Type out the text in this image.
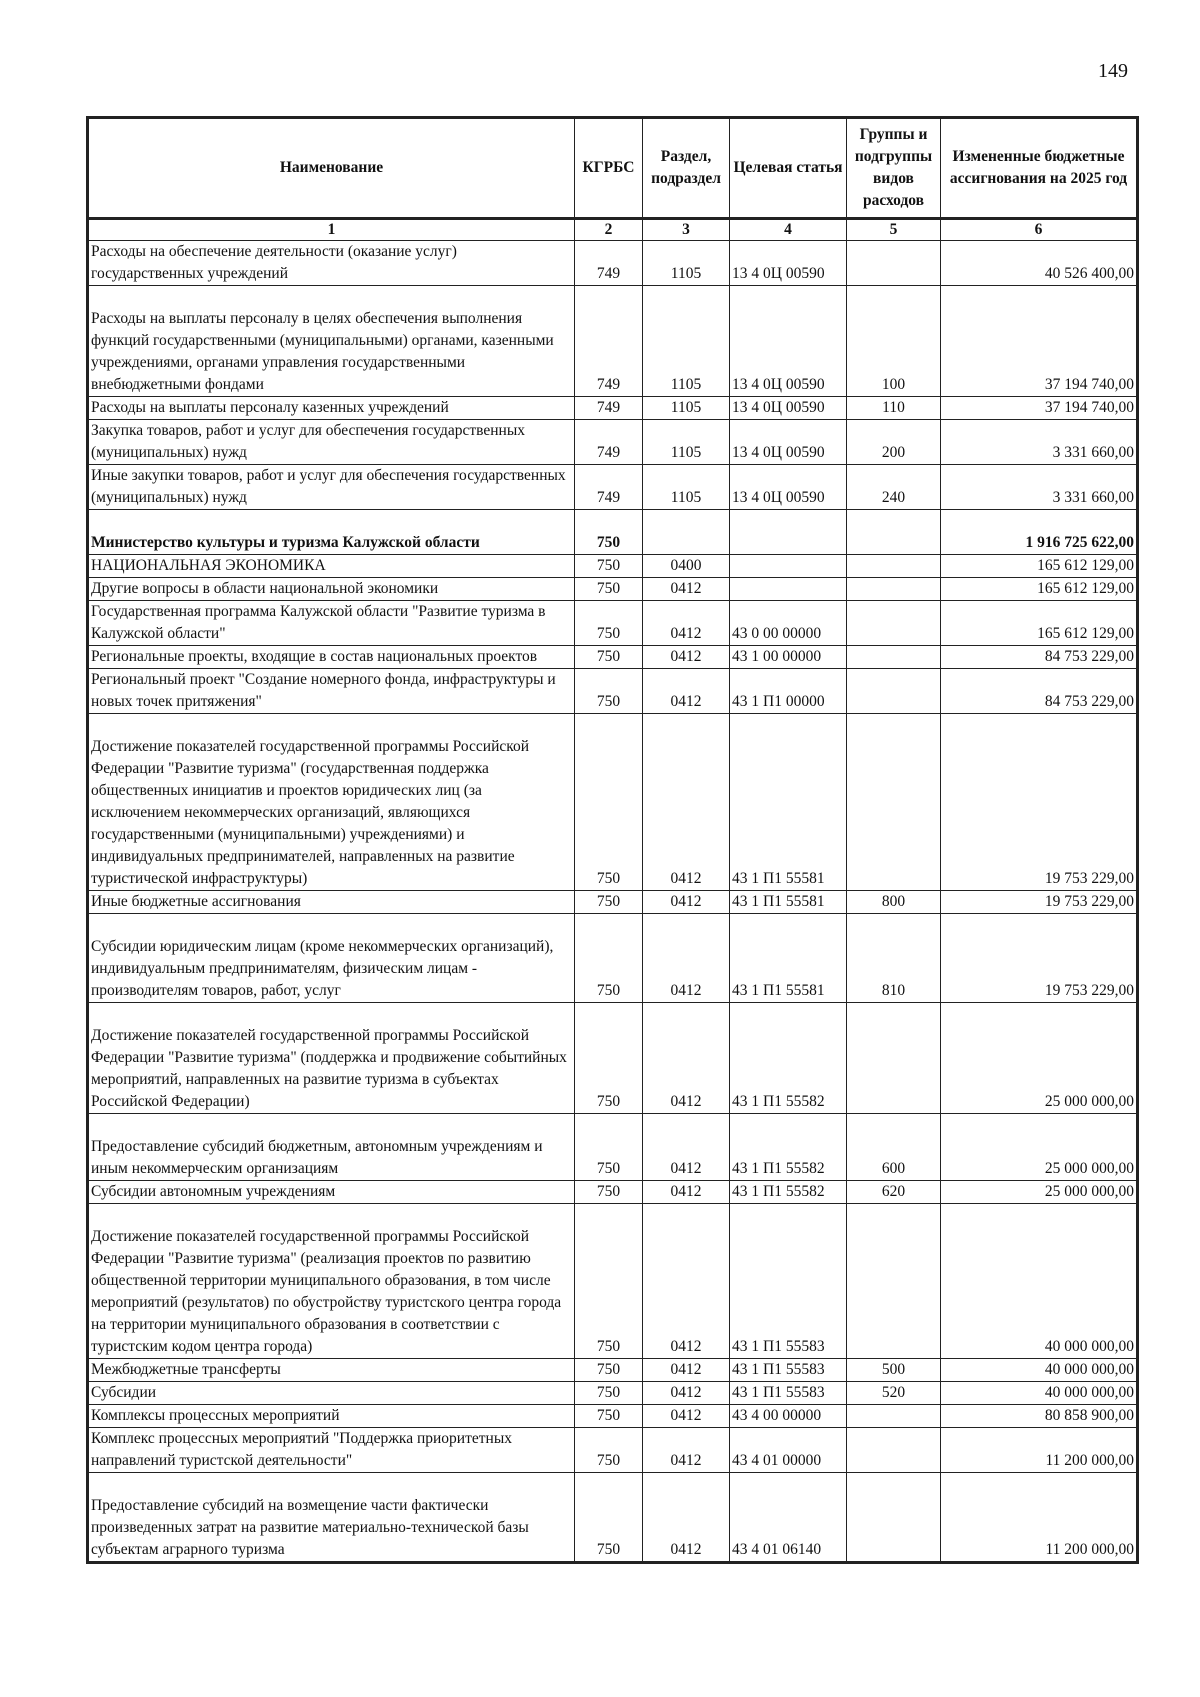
149
Наименование	КГРБС	Раздел, подраздел	Целевая статья	Группы и подгруппы видов расходов	Измененные бюджетные ассигнования на 2025 год
1	2	3	4	5	6
Расходы на обеспечение деятельности (оказание услуг) государственных учреждений	749	1105	13 4 0Ц 00590		40 526 400,00
Расходы на выплаты персоналу в целях обеспечения выполнения функций государственными (муниципальными) органами, казенными учреждениями, органами управления государственными внебюджетными фондами	749	1105	13 4 0Ц 00590	100	37 194 740,00
Расходы на выплаты персоналу казенных учреждений	749	1105	13 4 0Ц 00590	110	37 194 740,00
Закупка товаров, работ и услуг для обеспечения государственных (муниципальных) нужд	749	1105	13 4 0Ц 00590	200	3 331 660,00
Иные закупки товаров, работ и услуг для обеспечения государственных (муниципальных) нужд	749	1105	13 4 0Ц 00590	240	3 331 660,00
Министерство культуры и туризма Калужской области	750				1 916 725 622,00
НАЦИОНАЛЬНАЯ ЭКОНОМИКА	750	0400			165 612 129,00
Другие вопросы в области национальной экономики	750	0412			165 612 129,00
Государственная программа Калужской области "Развитие туризма в Калужской области"	750	0412	43 0 00 00000		165 612 129,00
Региональные проекты, входящие в состав национальных проектов	750	0412	43 1 00 00000		84 753 229,00
Региональный проект "Создание номерного фонда, инфраструктуры и новых точек притяжения"	750	0412	43 1 П1 00000		84 753 229,00
Достижение показателей государственной программы Российской Федерации "Развитие туризма" (государственная поддержка общественных инициатив и проектов юридических лиц (за исключением некоммерческих организаций, являющихся государственными (муниципальными) учреждениями) и индивидуальных предпринимателей, направленных на развитие туристической инфраструктуры)	750	0412	43 1 П1 55581		19 753 229,00
Иные бюджетные ассигнования	750	0412	43 1 П1 55581	800	19 753 229,00
Субсидии юридическим лицам (кроме некоммерческих организаций), индивидуальным предпринимателям, физическим лицам - производителям товаров, работ, услуг	750	0412	43 1 П1 55581	810	19 753 229,00
Достижение показателей государственной программы Российской Федерации "Развитие туризма" (поддержка и продвижение событийных мероприятий, направленных на развитие туризма в субъектах Российской Федерации)	750	0412	43 1 П1 55582		25 000 000,00
Предоставление субсидий бюджетным, автономным учреждениям и иным некоммерческим организациям	750	0412	43 1 П1 55582	600	25 000 000,00
Субсидии автономным учреждениям	750	0412	43 1 П1 55582	620	25 000 000,00
Достижение показателей государственной программы Российской Федерации "Развитие туризма" (реализация проектов по развитию общественной территории муниципального образования, в том числе мероприятий (результатов) по обустройству туристского центра города на территории муниципального образования в соответствии с туристским кодом центра города)	750	0412	43 1 П1 55583		40 000 000,00
Межбюджетные трансферты	750	0412	43 1 П1 55583	500	40 000 000,00
Субсидии	750	0412	43 1 П1 55583	520	40 000 000,00
Комплексы процессных мероприятий	750	0412	43 4 00 00000		80 858 900,00
Комплекс процессных мероприятий "Поддержка приоритетных направлений туристской деятельности"	750	0412	43 4 01 00000		11 200 000,00
Предоставление субсидий на возмещение части фактически произведенных затрат на развитие материально-технической базы субъектам аграрного туризма	750	0412	43 4 01 06140		11 200 000,00
